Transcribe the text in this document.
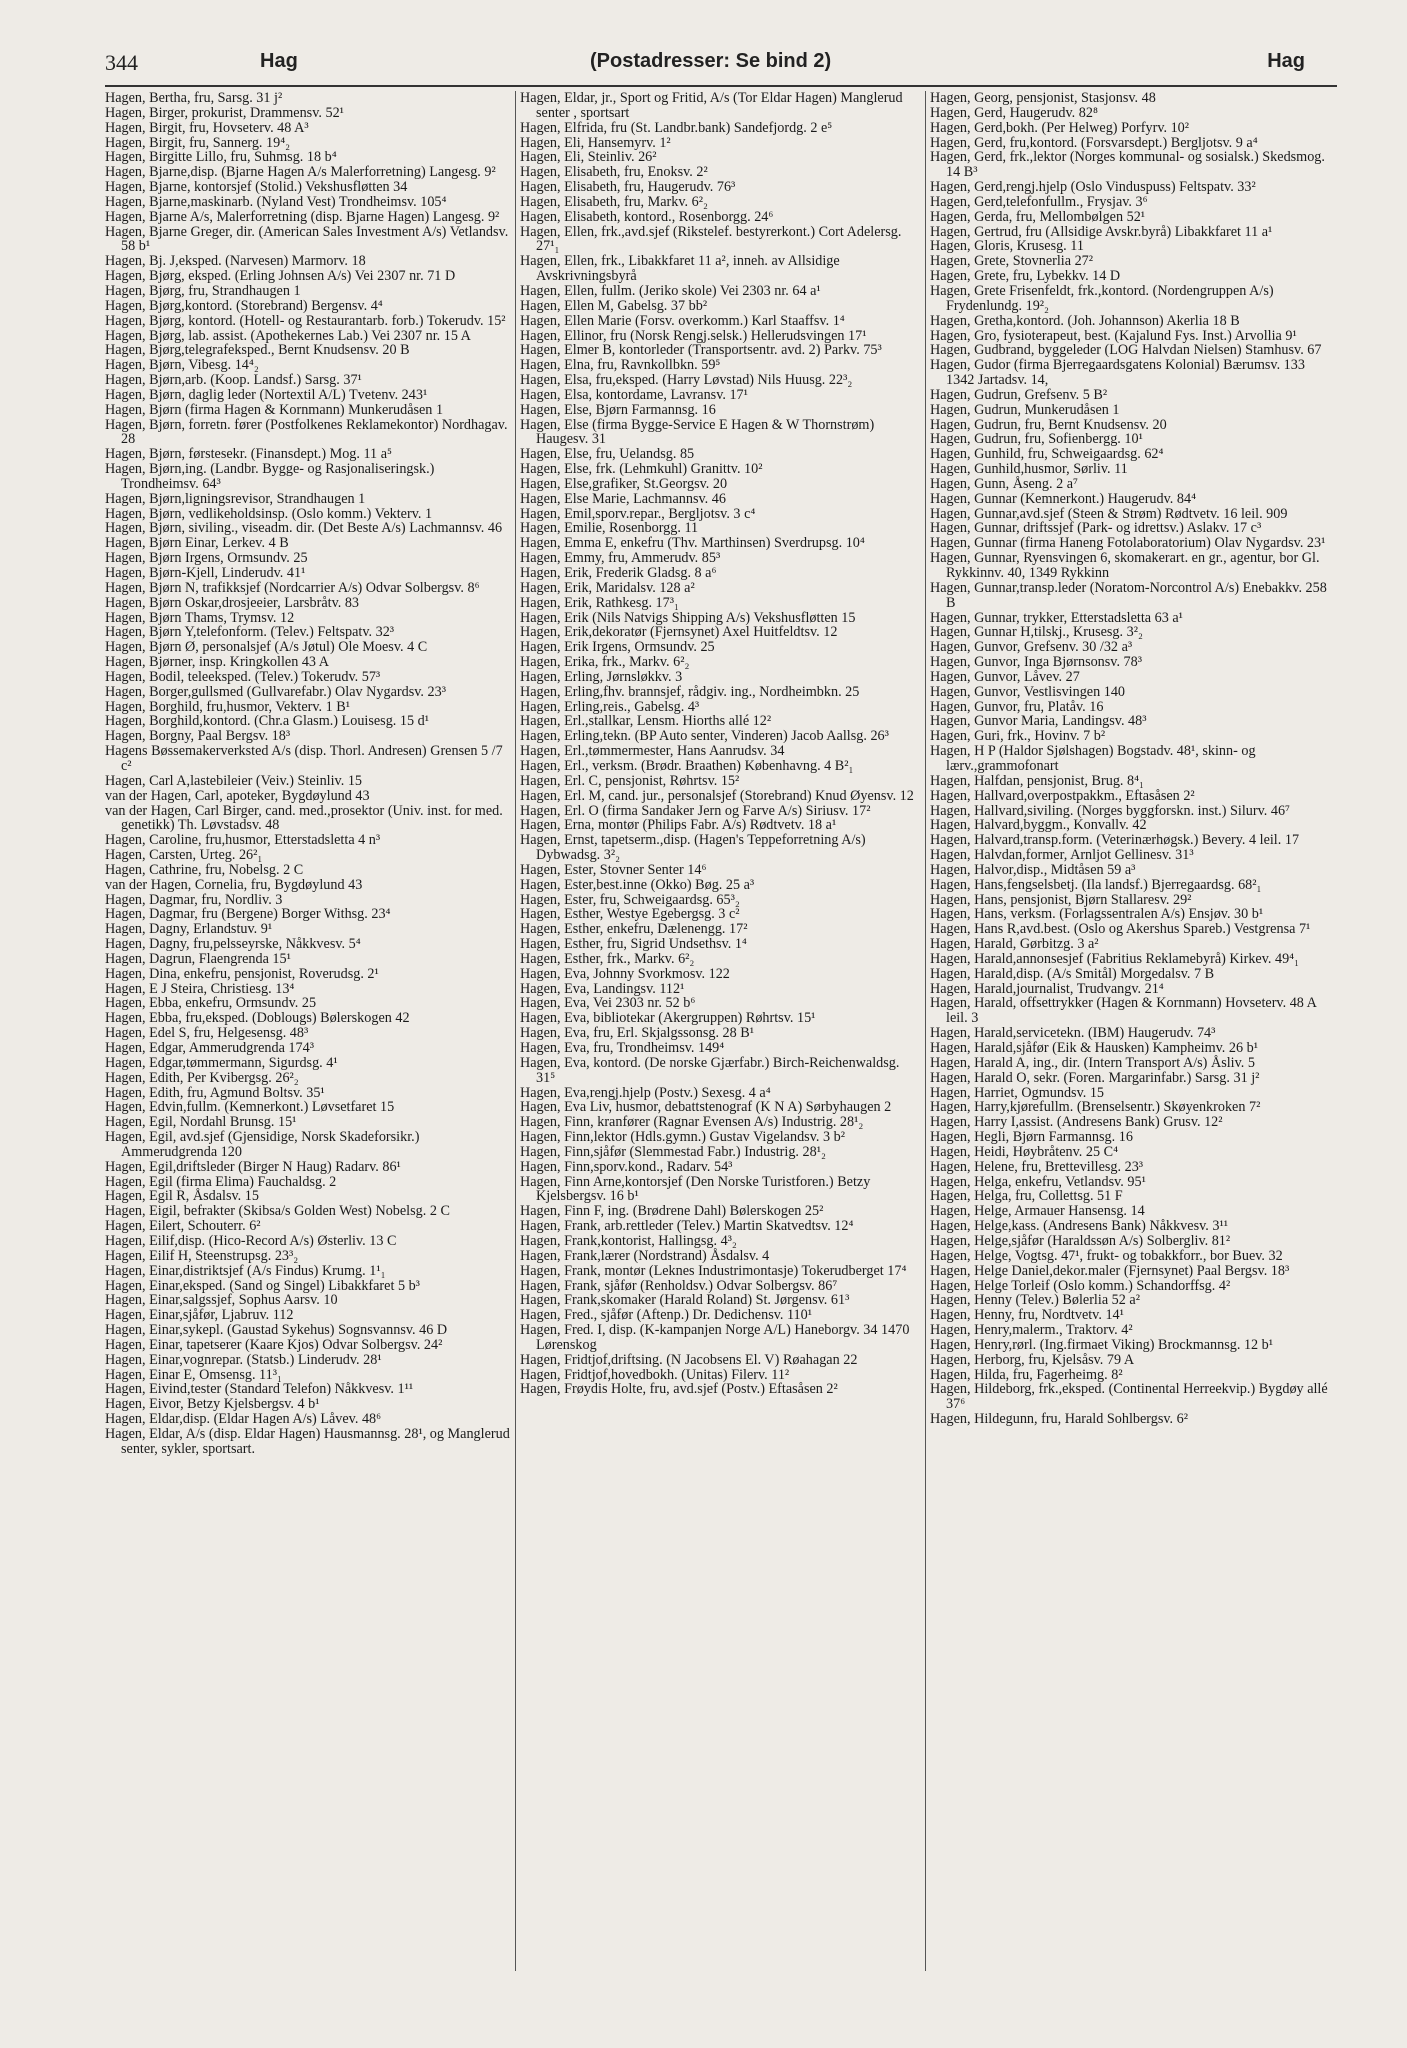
344	Hag	(Postadresser: Se bind 2)	Hag
Hagen, Bertha, fru, Sarsg. 31 j²
Hagen, Birger, prokurist, Drammensv. 52¹
Hagen, Birgit, fru, Hovseterv. 48 A³
Hagen, Birgit, fru, Sannerg. 19⁴₂
Hagen, Birgitte Lillo, fru, Suhmsg. 18 b⁴
Hagen, Bjarne,disp. (Bjarne Hagen A/s Malerforretning) Langesg. 9²
Hagen, Bjarne, kontorsjef (Stolid.) Vekshusfløtten 34
Hagen, Bjarne,maskinarb. (Nyland Vest) Trondheimsv. 105⁴
Hagen, Bjarne A/s, Malerforretning (disp. Bjarne Hagen) Langesg. 9²
Hagen, Bjarne Greger, dir. (American Sales Investment A/s) Vetlandsv. 58 b¹
Hagen, Bj. J,eksped. (Narvesen) Marmorv. 18
Hagen, Bjørg, eksped. (Erling Johnsen A/s) Vei 2307 nr. 71 D
Hagen, Bjørg, fru, Strandhaugen 1
Hagen, Bjørg,kontord. (Storebrand) Bergensv. 4⁴
Hagen, Bjørg, kontord. (Hotell- og Restaurantarb. forb.) Tokerudv. 15²
Hagen, Bjørg, lab. assist. (Apothekernes Lab.) Vei 2307 nr. 15 A
Hagen, Bjørg,telegrafeksped., Bernt Knudsensv. 20 B
Hagen, Bjørn, Vibesg. 14⁴₂
Hagen, Bjørn,arb. (Koop. Landsf.) Sarsg. 37¹
Hagen, Bjørn, daglig leder (Nortextil A/L) Tvetenv. 243¹
Hagen, Bjørn (firma Hagen & Kornmann) Munkerudåsen 1
Hagen, Bjørn, forretn. fører (Postfolkenes Reklamekontor) Nordhagav. 28
Hagen, Bjørn, førstesekr. (Finansdept.) Mog. 11 a⁵
Hagen, Bjørn,ing. (Landbr. Bygge- og Rasjonaliseringsk.) Trondheimsv. 64³
Hagen, Bjørn,ligningsrevisor, Strandhaugen 1
Hagen, Bjørn, vedlikeholdsinsp. (Oslo komm.) Vekterv. 1
Hagen, Bjørn, siviling., viseadm. dir. (Det Beste A/s) Lachmannsv. 46
Hagen, Bjørn Einar, Lerkev. 4 B
Hagen, Bjørn Irgens, Ormsundv. 25
Hagen, Bjørn-Kjell, Linderudv. 41¹
Hagen, Bjørn N, trafikksjef (Nordcarrier A/s) Odvar Solbergsv. 8⁶
Hagen, Bjørn Oskar,drosjeeier, Larsbråtv. 83
Hagen, Bjørn Thams, Trymsv. 12
Hagen, Bjørn Y,telefonform. (Telev.) Feltspatv. 32³
Hagen, Bjørn Ø, personalsjef (A/s Jøtul) Ole Moesv. 4 C
Hagen, Bjørner, insp. Kringkollen 43 A
Hagen, Bodil, teleeksped. (Telev.) Tokerudv. 57³
Hagen, Borger,gullsmed (Gullvarefabr.) Olav Nygardsv. 23³
Hagen, Borghild, fru,husmor, Vekterv. 1 B¹
Hagen, Borghild,kontord. (Chr.a Glasm.) Louisesg. 15 d¹
Hagen, Borgny, Paal Bergsv. 18³
Hagens Bøssemakerverksted A/s (disp. Thorl. Andresen) Grensen 5 /7 c²
Hagen, Carl A,lastebileier (Veiv.) Steinliv. 15
van der Hagen, Carl, apoteker, Bygdøylund 43
van der Hagen, Carl Birger, cand. med.,prosektor (Univ. inst. for med. genetikk) Th. Løvstadsv. 48
Hagen, Caroline, fru,husmor, Etterstadsletta 4 n³
Hagen, Carsten, Urteg. 26²₁
Hagen, Cathrine, fru, Nobelsg. 2 C
van der Hagen, Cornelia, fru, Bygdøylund 43
Hagen, Dagmar, fru, Nordliv. 3
Hagen, Dagmar, fru (Bergene) Borger Withsg. 23⁴
Hagen, Dagny, Erlandstuv. 9¹
Hagen, Dagny, fru,pelsseyrske, Nåkkvesv. 5⁴
Hagen, Dagrun, Flaengrenda 15¹
Hagen, Dina, enkefru, pensjonist, Roverudsg. 2¹
Hagen, E J Steira, Christiesg. 13⁴
Hagen, Ebba, enkefru, Ormsundv. 25
Hagen, Ebba, fru,eksped. (Doblougs) Bølerskogen 42
Hagen, Edel S, fru, Helgesensg. 48³
Hagen, Edgar, Ammerudgrenda 174³
Hagen, Edgar,tømmermann, Sigurdsg. 4¹
Hagen, Edith, Per Kvibergsg. 26²₂
Hagen, Edith, fru, Agmund Boltsv. 35¹
Hagen, Edvin,fullm. (Kemnerkont.) Løvsetfaret 15
Hagen, Egil, Nordahl Brunsg. 15¹
Hagen, Egil, avd.sjef (Gjensidige, Norsk Skadeforsikr.) Ammerudgrenda 120
Hagen, Egil,driftsleder (Birger N Haug) Radarv. 86¹
Hagen, Egil (firma Elima) Fauchaldsg. 2
Hagen, Egil R, Åsdalsv. 15
Hagen, Eigil, befrakter (Skibsa/s Golden West) Nobelsg. 2 C
Hagen, Eilert, Schouterr. 6²
Hagen, Eilif,disp. (Hico-Record A/s) Østerliv. 13 C
Hagen, Eilif H, Steenstrupsg. 23³₂
Hagen, Einar,distriktsjef (A/s Findus) Krumg. 1¹₁
Hagen, Einar,eksped. (Sand og Singel) Libakkfaret 5 b³
Hagen, Einar,salgssjef, Sophus Aarsv. 10
Hagen, Einar,sjåfør, Ljabruv. 112
Hagen, Einar,sykepl. (Gaustad Sykehus) Sognsvannsv. 46 D
Hagen, Einar, tapetserer (Kaare Kjos) Odvar Solbergsv. 24²
Hagen, Einar,vognrepar. (Statsb.) Linderudv. 28¹
Hagen, Einar E, Omsensg. 11³₁
Hagen, Eivind,tester (Standard Telefon) Nåkkvesv. 1¹¹
Hagen, Eivor, Betzy Kjelsbergsv. 4 b¹
Hagen, Eldar,disp. (Eldar Hagen A/s) Låvev. 48⁶
Hagen, Eldar, A/s (disp. Eldar Hagen) Hausmannsg. 28¹, og Manglerud senter, sykler, sportsart.
Hagen, Eldar, jr., Sport og Fritid, A/s (Tor Eldar Hagen) Manglerud senter , sportsart
Hagen, Elfrida, fru (St. Landbr.bank) Sandefjordg. 2 e⁵
Hagen, Eli, Hansemyrv. 1²
Hagen, Eli, Steinliv. 26²
Hagen, Elisabeth, fru, Enoksv. 2²
Hagen, Elisabeth, fru, Haugerudv. 76³
Hagen, Elisabeth, fru, Markv. 6²₂
Hagen, Elisabeth, kontord., Rosenborgg. 24⁶
Hagen, Ellen, frk.,avd.sjef (Rikstelef. bestyrerkont.) Cort Adelersg. 27¹₁
Hagen, Ellen, frk., Libakkfaret 11 a², inneh. av Allsidige Avskrivningsbyrå
Hagen, Ellen, fullm. (Jeriko skole) Vei 2303 nr. 64 a¹
Hagen, Ellen M, Gabelsg. 37 bb²
Hagen, Ellen Marie (Forsv. overkomm.) Karl Staaffsv. 1⁴
Hagen, Ellinor, fru (Norsk Rengj.selsk.) Hellerudsvingen 17¹
Hagen, Elmer B, kontorleder (Transportsentr. avd. 2) Parkv. 75³
Hagen, Elna, fru, Ravnkollbkn. 59⁵
Hagen, Elsa, fru,eksped. (Harry Løvstad) Nils Huusg. 22³₂
Hagen, Elsa, kontordame, Lavransv. 17¹
Hagen, Else, Bjørn Farmannsg. 16
Hagen, Else (firma Bygge-Service E Hagen & W Thornstrøm) Haugesv. 31
Hagen, Else, fru, Uelandsg. 85
Hagen, Else, frk. (Lehmkuhl) Granittv. 10²
Hagen, Else,grafiker, St.Georgsv. 20
Hagen, Else Marie, Lachmannsv. 46
Hagen, Emil,sporv.repar., Bergljotsv. 3 c⁴
Hagen, Emilie, Rosenborgg. 11
Hagen, Emma E, enkefru (Thv. Marthinsen) Sverdrupsg. 10⁴
Hagen, Emmy, fru, Ammerudv. 85³
Hagen, Erik, Frederik Gladsg. 8 a⁶
Hagen, Erik, Maridalsv. 128 a²
Hagen, Erik, Rathkesg. 17³₁
Hagen, Erik (Nils Natvigs Shipping A/s) Vekshusfløtten 15
Hagen, Erik,dekoratør (Fjernsynet) Axel Huitfeldtsv. 12
Hagen, Erik Irgens, Ormsundv. 25
Hagen, Erika, frk., Markv. 6²₂
Hagen, Erling, Jørnsløkkv. 3
Hagen, Erling,fhv. brannsjef, rådgiv. ing., Nordheimbkn. 25
Hagen, Erling,reis., Gabelsg. 4³
Hagen, Erl.,stallkar, Lensm. Hiorths allé 12²
Hagen, Erling,tekn. (BP Auto senter, Vinderen) Jacob Aallsg. 26³
Hagen, Erl.,tømmermester, Hans Aanrudsv. 34
Hagen, Erl., verksm. (Brødr. Braathen) Københavng. 4 B²₁
Hagen, Erl. C, pensjonist, Røhrtsv. 15²
Hagen, Erl. M, cand. jur., personalsjef (Storebrand) Knud Øyensv. 12
Hagen, Erl. O (firma Sandaker Jern og Farve A/s) Siriusv. 17²
Hagen, Erna, montør (Philips Fabr. A/s) Rødtvetv. 18 a¹
Hagen, Ernst, tapetserm.,disp. (Hagen's Teppeforretning A/s) Dybwadsg. 3²₂
Hagen, Ester, Stovner Senter 14⁶
Hagen, Ester,best.inne (Okko) Bøg. 25 a³
Hagen, Ester, fru, Schweigaardsg. 65³₂
Hagen, Esther, Westye Egebergsg. 3 c²
Hagen, Esther, enkefru, Dælenengg. 17²
Hagen, Esther, fru, Sigrid Undsethsv. 1⁴
Hagen, Esther, frk., Markv. 6²₂
Hagen, Eva, Johnny Svorkmosv. 122
Hagen, Eva, Landingsv. 112¹
Hagen, Eva, Vei 2303 nr. 52 b⁶
Hagen, Eva, bibliotekar (Akergruppen) Røhrtsv. 15¹
Hagen, Eva, fru, Erl. Skjalgssonsg. 28 B¹
Hagen, Eva, fru, Trondheimsv. 149⁴
Hagen, Eva, kontord. (De norske Gjærfabr.) Birch-Reichenwaldsg. 31⁵
Hagen, Eva,rengj.hjelp (Postv.) Sexesg. 4 a⁴
Hagen, Eva Liv, husmor, debattstenograf (K N A) Sørbyhaugen 2
Hagen, Finn, kranfører (Ragnar Evensen A/s) Industrig. 28¹₂
Hagen, Finn,lektor (Hdls.gymn.) Gustav Vigelandsv. 3 b²
Hagen, Finn,sjåfør (Slemmestad Fabr.) Industrig. 28¹₂
Hagen, Finn,sporv.kond., Radarv. 54³
Hagen, Finn Arne,kontorsjef (Den Norske Turistforen.) Betzy Kjelsbergsv. 16 b¹
Hagen, Finn F, ing. (Brødrene Dahl) Bølerskogen 25²
Hagen, Frank, arb.rettleder (Telev.) Martin Skatvedtsv. 12⁴
Hagen, Frank,kontorist, Hallingsg. 4³₂
Hagen, Frank,lærer (Nordstrand) Åsdalsv. 4
Hagen, Frank, montør (Leknes Industrimontasje) Tokerudberget 17⁴
Hagen, Frank, sjåfør (Renholdsv.) Odvar Solbergsv. 86⁷
Hagen, Frank,skomaker (Harald Roland) St. Jørgensv. 61³
Hagen, Fred., sjåfør (Aftenp.) Dr. Dedichensv. 110¹
Hagen, Fred. I, disp. (K-kampanjen Norge A/L) Haneborgv. 34 1470 Lørenskog
Hagen, Fridtjof,driftsing. (N Jacobsens El. V) Røahagan 22
Hagen, Fridtjof,hovedbokh. (Unitas) Filerv. 11²
Hagen, Frøydis Holte, fru, avd.sjef (Postv.) Eftasåsen 2²
Hagen, Georg, pensjonist, Stasjonsv. 48
Hagen, Gerd, Haugerudv. 82⁸
Hagen, Gerd,bokh. (Per Helweg) Porfyrv. 10²
Hagen, Gerd, fru,kontord. (Forsvarsdept.) Bergljotsv. 9 a⁴
Hagen, Gerd, frk.,lektor (Norges kommunal- og sosialsk.) Skedsmog. 14 B³
Hagen, Gerd,rengj.hjelp (Oslo Vinduspuss) Feltspatv. 33²
Hagen, Gerd,telefonfullm., Frysjav. 3⁶
Hagen, Gerda, fru, Mellombølgen 52¹
Hagen, Gertrud, fru (Allsidige Avskr.byrå) Libakkfaret 11 a¹
Hagen, Gloris, Krusesg. 11
Hagen, Grete, Stovnerlia 27²
Hagen, Grete, fru, Lybekkv. 14 D
Hagen, Grete Frisenfeldt, frk.,kontord. (Nordengruppen A/s) Frydenlundg. 19²₂
Hagen, Gretha,kontord. (Joh. Johannson) Akerlia 18 B
Hagen, Gro, fysioterapeut, best. (Kajalund Fys. Inst.) Arvollia 9¹
Hagen, Gudbrand, byggeleder (LOG Halvdan Nielsen) Stamhusv. 67
Hagen, Gudor (firma Bjerregaardsgatens Kolonial) Bærumsv. 133 1342 Jartadsv. 14,
Hagen, Gudrun, Grefsenv. 5 B²
Hagen, Gudrun, Munkerudåsen 1
Hagen, Gudrun, fru, Bernt Knudsensv. 20
Hagen, Gudrun, fru, Sofienbergg. 10¹
Hagen, Gunhild, fru, Schweigaardsg. 62⁴
Hagen, Gunhild,husmor, Sørliv. 11
Hagen, Gunn, Åseng. 2 a⁷
Hagen, Gunnar (Kemnerkont.) Haugerudv. 84⁴
Hagen, Gunnar,avd.sjef (Steen & Strøm) Rødtvetv. 16 leil. 909
Hagen, Gunnar, driftssjef (Park- og idrettsv.) Aslakv. 17 c³
Hagen, Gunnar (firma Haneng Fotolaboratorium) Olav Nygardsv. 23¹
Hagen, Gunnar, Ryensvingen 6, skomakerart. en gr., agentur, bor Gl. Rykkinnv. 40, 1349 Rykkinn
Hagen, Gunnar,transp.leder (Noratom-Norcontrol A/s) Enebakkv. 258 B
Hagen, Gunnar, trykker, Etterstadsletta 63 a¹
Hagen, Gunnar H,tilskj., Krusesg. 3²₂
Hagen, Gunvor, Grefsenv. 30 /32 a³
Hagen, Gunvor, Inga Bjørnsonsv. 78³
Hagen, Gunvor, Låvev. 27
Hagen, Gunvor, Vestlisvingen 140
Hagen, Gunvor, fru, Platåv. 16
Hagen, Gunvor Maria, Landingsv. 48³
Hagen, Guri, frk., Hovinv. 7 b²
Hagen, H P (Haldor Sjølshagen) Bogstadv. 48¹, skinn- og lærv.,grammofonart
Hagen, Halfdan, pensjonist, Brug. 8⁴₁
Hagen, Hallvard,overpostpakkm., Eftasåsen 2²
Hagen, Hallvard,siviling. (Norges byggforskn. inst.) Silurv. 46⁷
Hagen, Halvard,byggm., Konvallv. 42
Hagen, Halvard,transp.form. (Veterinærhøgsk.) Bevery. 4 leil. 17
Hagen, Halvdan,former, Arnljot Gellinesv. 31³
Hagen, Halvor,disp., Midtåsen 59 a³
Hagen, Hans,fengselsbetj. (Ila landsf.) Bjerregaardsg. 68²₁
Hagen, Hans, pensjonist, Bjørn Stallaresv. 29²
Hagen, Hans, verksm. (Forlagssentralen A/s) Ensjøv. 30 b¹
Hagen, Hans R,avd.best. (Oslo og Akershus Spareb.) Vestgrensa 7¹
Hagen, Harald, Gørbitzg. 3 a²
Hagen, Harald,annonsesjef (Fabritius Reklamebyrå) Kirkev. 49⁴₁
Hagen, Harald,disp. (A/s Smitål) Morgedalsv. 7 B
Hagen, Harald,journalist, Trudvangv. 21⁴
Hagen, Harald, offsettrykker (Hagen & Kornmann) Hovseterv. 48 A leil. 3
Hagen, Harald,servicetekn. (IBM) Haugerudv. 74³
Hagen, Harald,sjåfør (Eik & Hausken) Kampheimv. 26 b¹
Hagen, Harald A, ing., dir. (Intern Transport A/s) Åsliv. 5
Hagen, Harald O, sekr. (Foren. Margarinfabr.) Sarsg. 31 j²
Hagen, Harriet, Ogmundsv. 15
Hagen, Harry,kjørefullm. (Brenselsentr.) Skøyenkroken 7²
Hagen, Harry I,assist. (Andresens Bank) Grusv. 12²
Hagen, Hegli, Bjørn Farmannsg. 16
Hagen, Heidi, Høybråtenv. 25 C⁴
Hagen, Helene, fru, Brettevillesg. 23³
Hagen, Helga, enkefru, Vetlandsv. 95¹
Hagen, Helga, fru, Collettsg. 51 F
Hagen, Helge, Armauer Hansensg. 14
Hagen, Helge,kass. (Andresens Bank) Nåkkvesv. 3¹¹
Hagen, Helge,sjåfør (Haraldssøn A/s) Solbergliv. 81²
Hagen, Helge, Vogtsg. 47¹, frukt- og tobakkforr., bor Buev. 32
Hagen, Helge Daniel,dekor.maler (Fjernsynet) Paal Bergsv. 18³
Hagen, Helge Torleif (Oslo komm.) Schandorffsg. 4²
Hagen, Henny (Telev.) Bølerlia 52 a²
Hagen, Henny, fru, Nordtvetv. 14¹
Hagen, Henry,malerm., Traktorv. 4²
Hagen, Henry,rørl. (Ing.firmaet Viking) Brockmannsg. 12 b¹
Hagen, Herborg, fru, Kjelsåsv. 79 A
Hagen, Hilda, fru, Fagerheimg. 8²
Hagen, Hildeborg, frk.,eksped. (Continental Herreekvip.) Bygdøy allé 37⁶
Hagen, Hildegunn, fru, Harald Sohlbergsv. 6²
